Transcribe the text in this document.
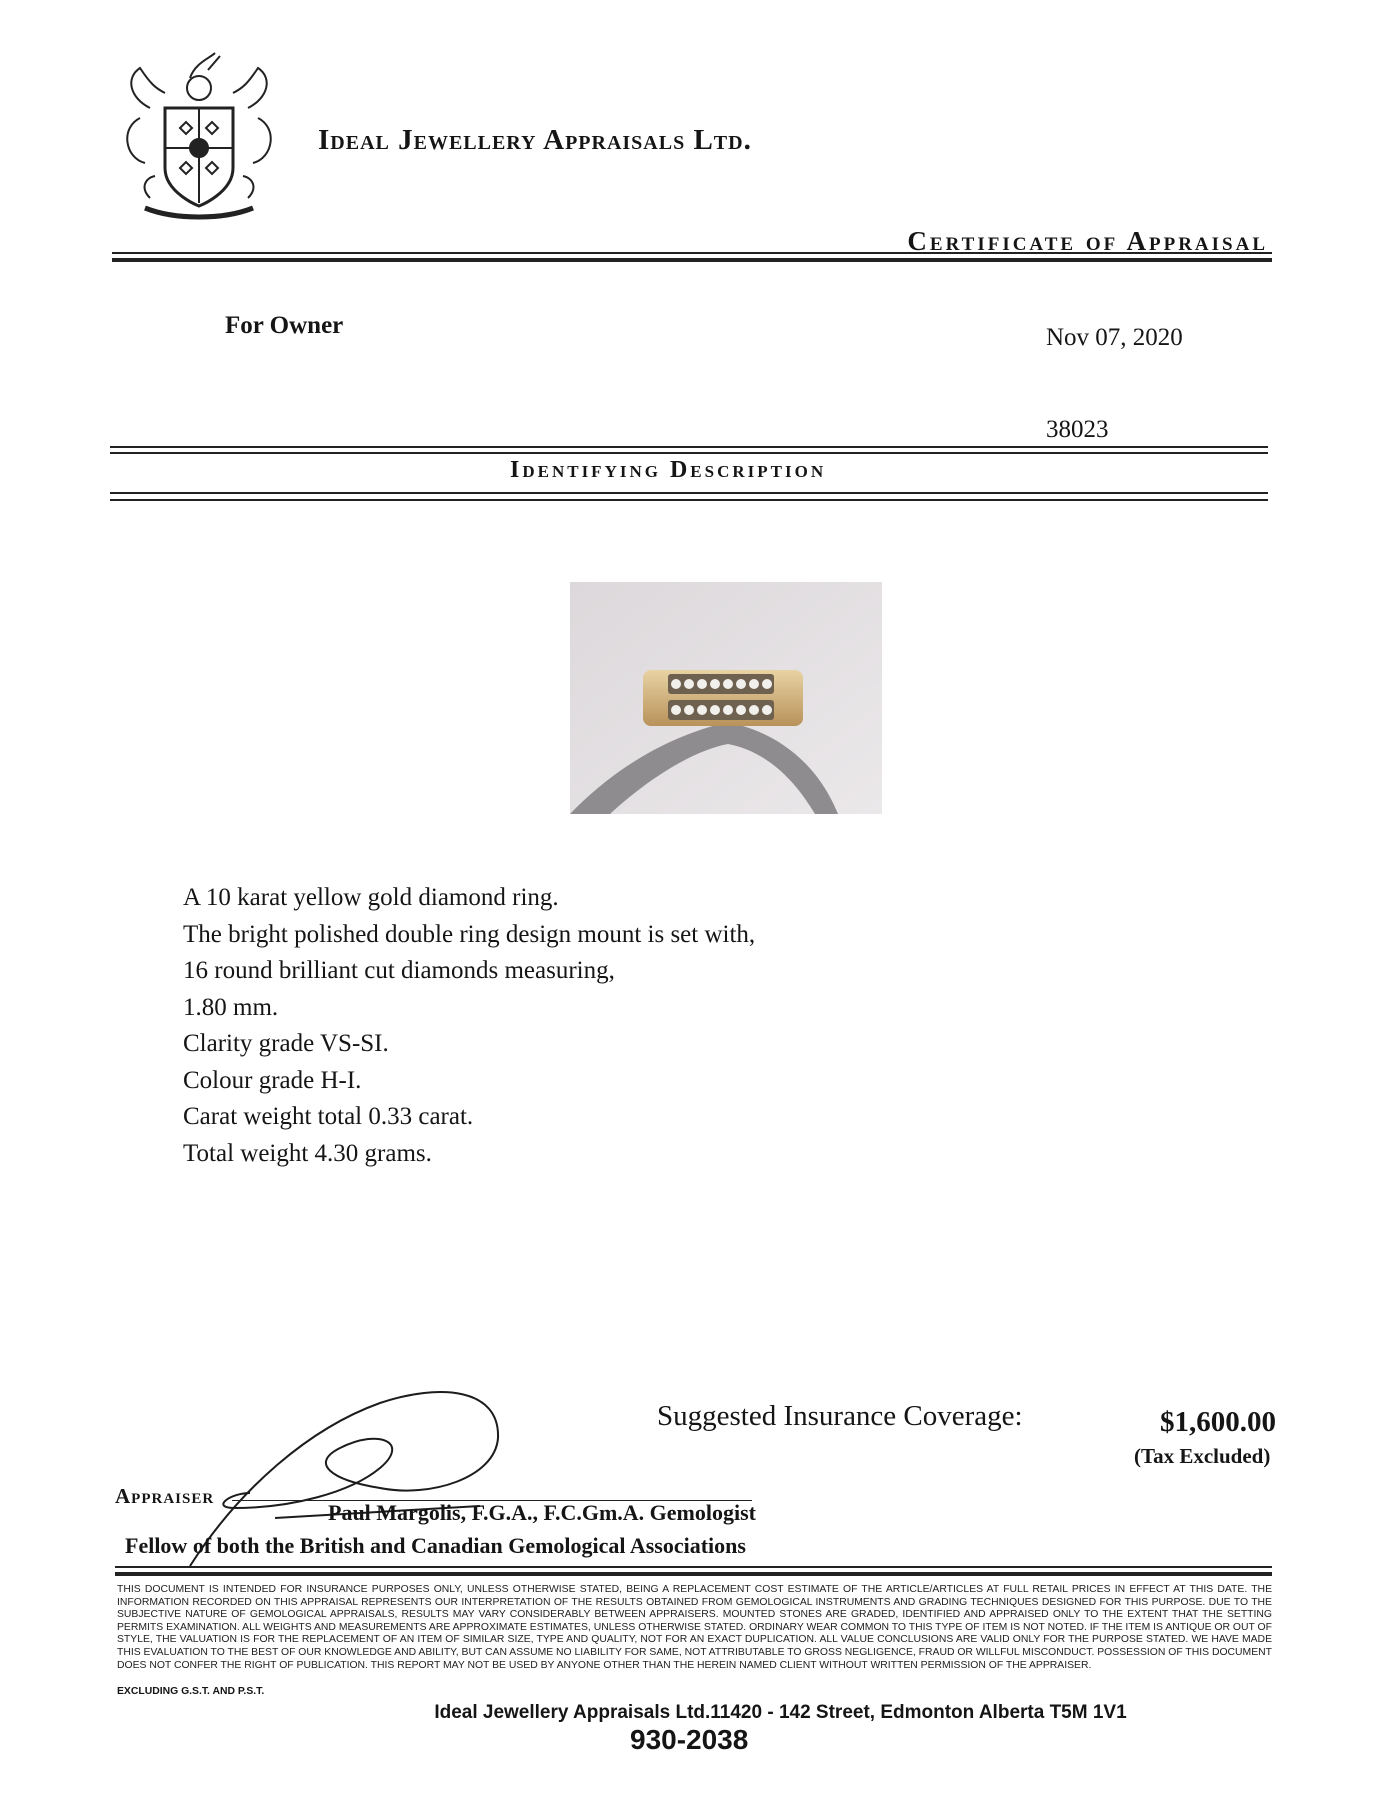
Ideal Jewellery Appraisals Ltd.
Certificate of Appraisal
For Owner	Nov 07, 2020
38023
Identifying Description
A 10 karat yellow gold diamond ring.
The bright polished double ring design mount is set with,
16 round brilliant cut diamonds measuring,
1.80 mm.
Clarity grade VS-SI.
Colour grade H-I.
Carat weight total 0.33 carat.
Total weight 4.30 grams.
Suggested Insurance Coverage:	$1,600.00
(Tax Excluded)
Appraiser
Paul Margolis, F.G.A., F.C.Gm.A. Gemologist
Fellow of both the British and Canadian Gemological Associations
THIS DOCUMENT IS INTENDED FOR INSURANCE PURPOSES ONLY, UNLESS OTHERWISE STATED, BEING A REPLACEMENT COST ESTIMATE OF THE ARTICLE/ARTICLES AT FULL RETAIL PRICES IN EFFECT AT THIS DATE. THE INFORMATION RECORDED ON THIS APPRAISAL REPRESENTS OUR INTERPRETATION OF THE RESULTS OBTAINED FROM GEMOLOGICAL INSTRUMENTS AND GRADING TECHNIQUES DESIGNED FOR THIS PURPOSE. DUE TO THE SUBJECTIVE NATURE OF GEMOLOGICAL APPRAISALS, RESULTS MAY VARY CONSIDERABLY BETWEEN APPRAISERS. MOUNTED STONES ARE GRADED, IDENTIFIED AND APPRAISED ONLY TO THE EXTENT THAT THE SETTING PERMITS EXAMINATION. ALL WEIGHTS AND MEASUREMENTS ARE APPROXIMATE ESTIMATES, UNLESS OTHERWISE STATED. ORDINARY WEAR COMMON TO THIS TYPE OF ITEM IS NOT NOTED. IF THE ITEM IS ANTIQUE OR OUT OF STYLE, THE VALUATION IS FOR THE REPLACEMENT OF AN ITEM OF SIMILAR SIZE, TYPE AND QUALITY, NOT FOR AN EXACT DUPLICATION. ALL VALUE CONCLUSIONS ARE VALID ONLY FOR THE PURPOSE STATED. WE HAVE MADE THIS EVALUATION TO THE BEST OF OUR KNOWLEDGE AND ABILITY, BUT CAN ASSUME NO LIABILITY FOR SAME, NOT ATTRIBUTABLE TO GROSS NEGLIGENCE, FRAUD OR WILLFUL MISCONDUCT. POSSESSION OF THIS DOCUMENT DOES NOT CONFER THE RIGHT OF PUBLICATION. THIS REPORT MAY NOT BE USED BY ANYONE OTHER THAN THE HEREIN NAMED CLIENT WITHOUT WRITTEN PERMISSION OF THE APPRAISER.
EXCLUDING G.S.T. AND P.S.T.
Ideal Jewellery Appraisals Ltd.11420 - 142 Street, Edmonton Alberta T5M 1V1
930-2038
